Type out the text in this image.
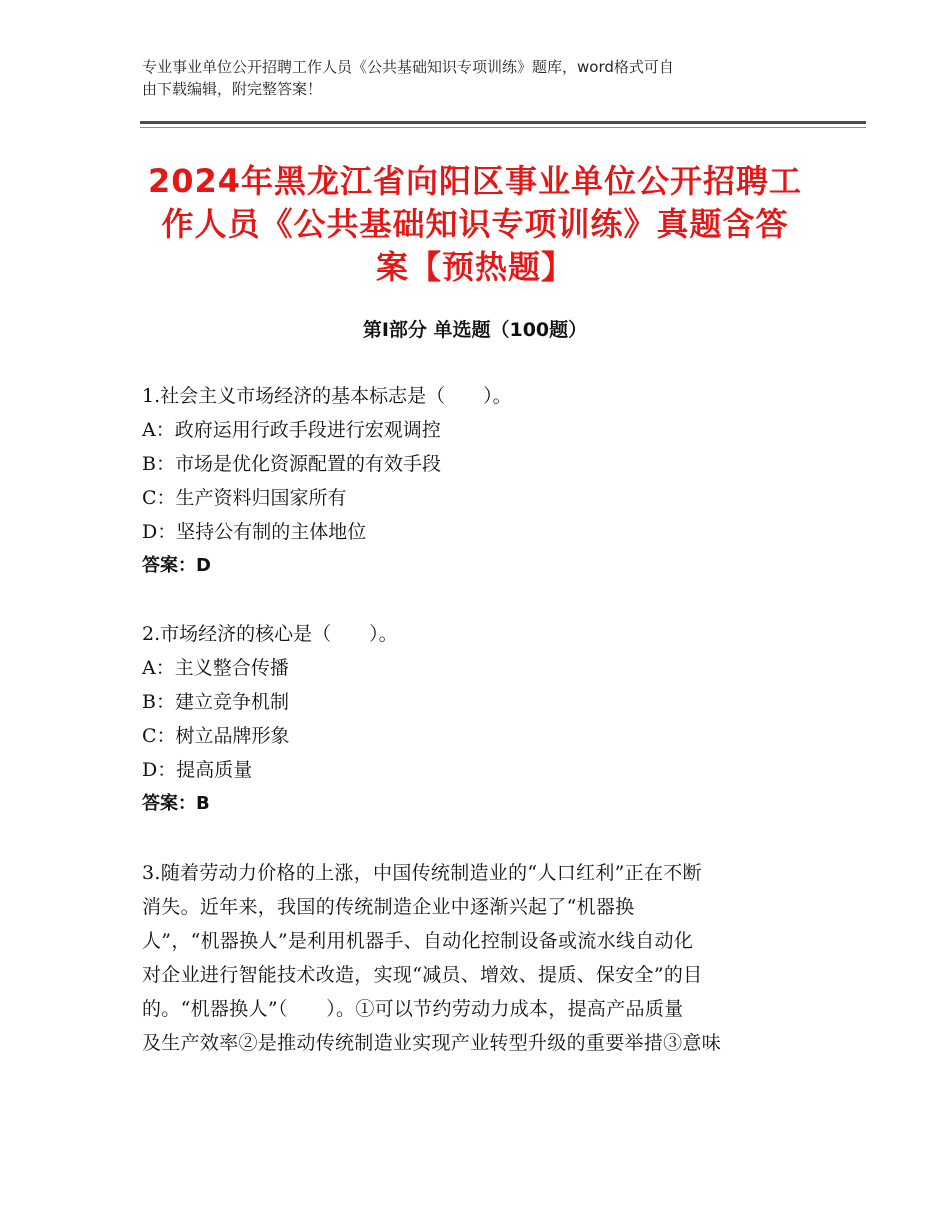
专业事业单位公开招聘工作人员《公共基础知识专项训练》题库，word格式可自
由下载编辑，附完整答案！
2024年黑龙江省向阳区事业单位公开招聘工
作人员《公共基础知识专项训练》真题含答
案【预热题】
第Ⅰ部分 单选题（100题）
1.社会主义市场经济的基本标志是（　　）。
A：政府运用行政手段进行宏观调控
B：市场是优化资源配置的有效手段
C：生产资料归国家所有
D：坚持公有制的主体地位
答案：D
2.市场经济的核心是（　　）。
A：主义整合传播
B：建立竞争机制
C：树立品牌形象
D：提高质量
答案：B
3.随着劳动力价格的上涨，中国传统制造业的“人口红利”正在不断
消失。近年来，我国的传统制造企业中逐渐兴起了“机器换
人”，“机器换人”是利用机器手、自动化控制设备或流水线自动化
对企业进行智能技术改造，实现“减员、增效、提质、保安全”的目
的。“机器换人”（　　）。①可以节约劳动力成本，提高产品质量
及生产效率②是推动传统制造业实现产业转型升级的重要举措③意味
